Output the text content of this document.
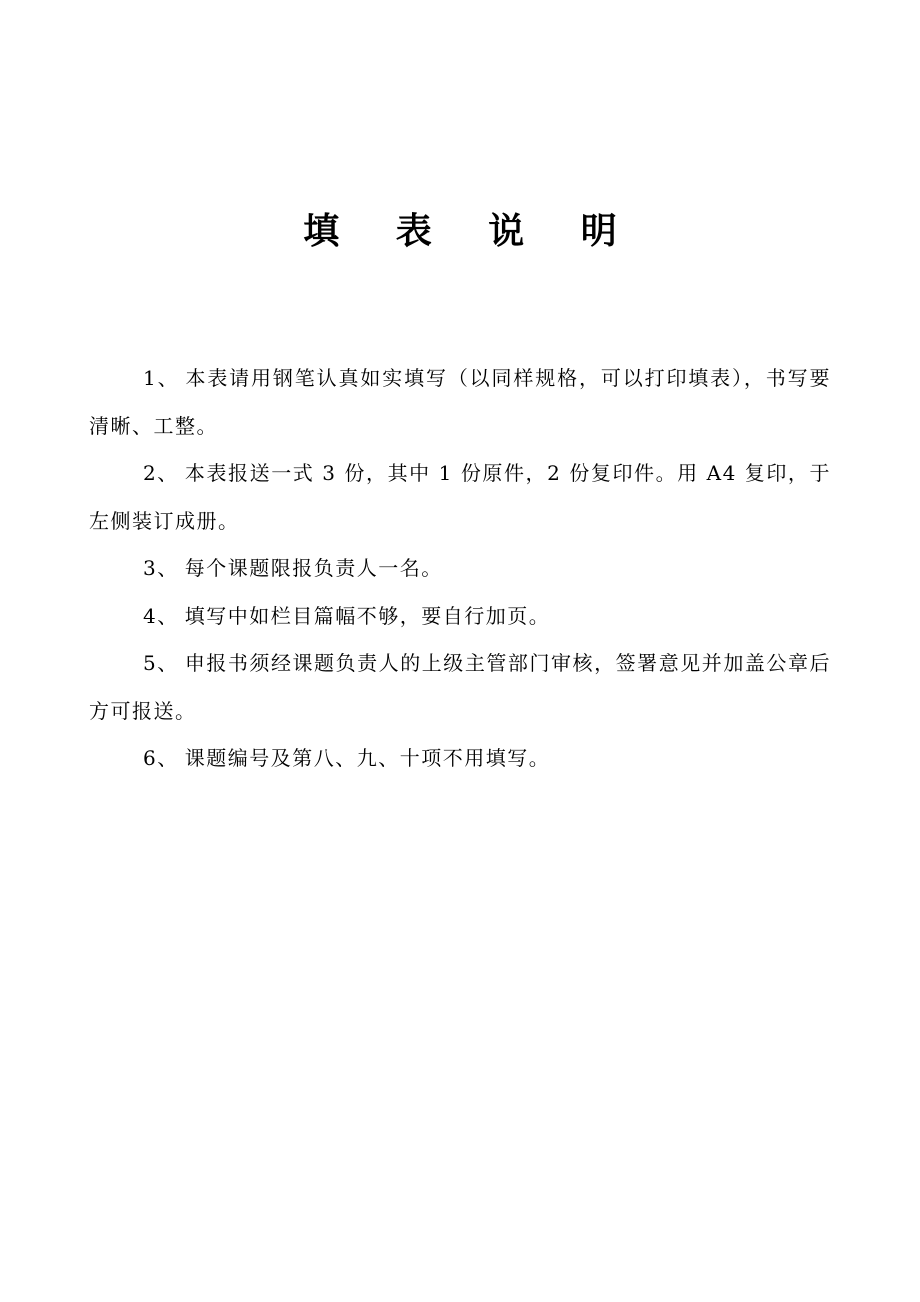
填 表 说 明
1、 本表请用钢笔认真如实填写（以同样规格，可以打印填表），书写要清晰、工整。
2、 本表报送一式 3 份，其中 1 份原件，2 份复印件。用 A4 复印，于左侧装订成册。
3、 每个课题限报负责人一名。
4、 填写中如栏目篇幅不够，要自行加页。
5、 申报书须经课题负责人的上级主管部门审核，签署意见并加盖公章后方可报送。
6、 课题编号及第八、九、十项不用填写。
